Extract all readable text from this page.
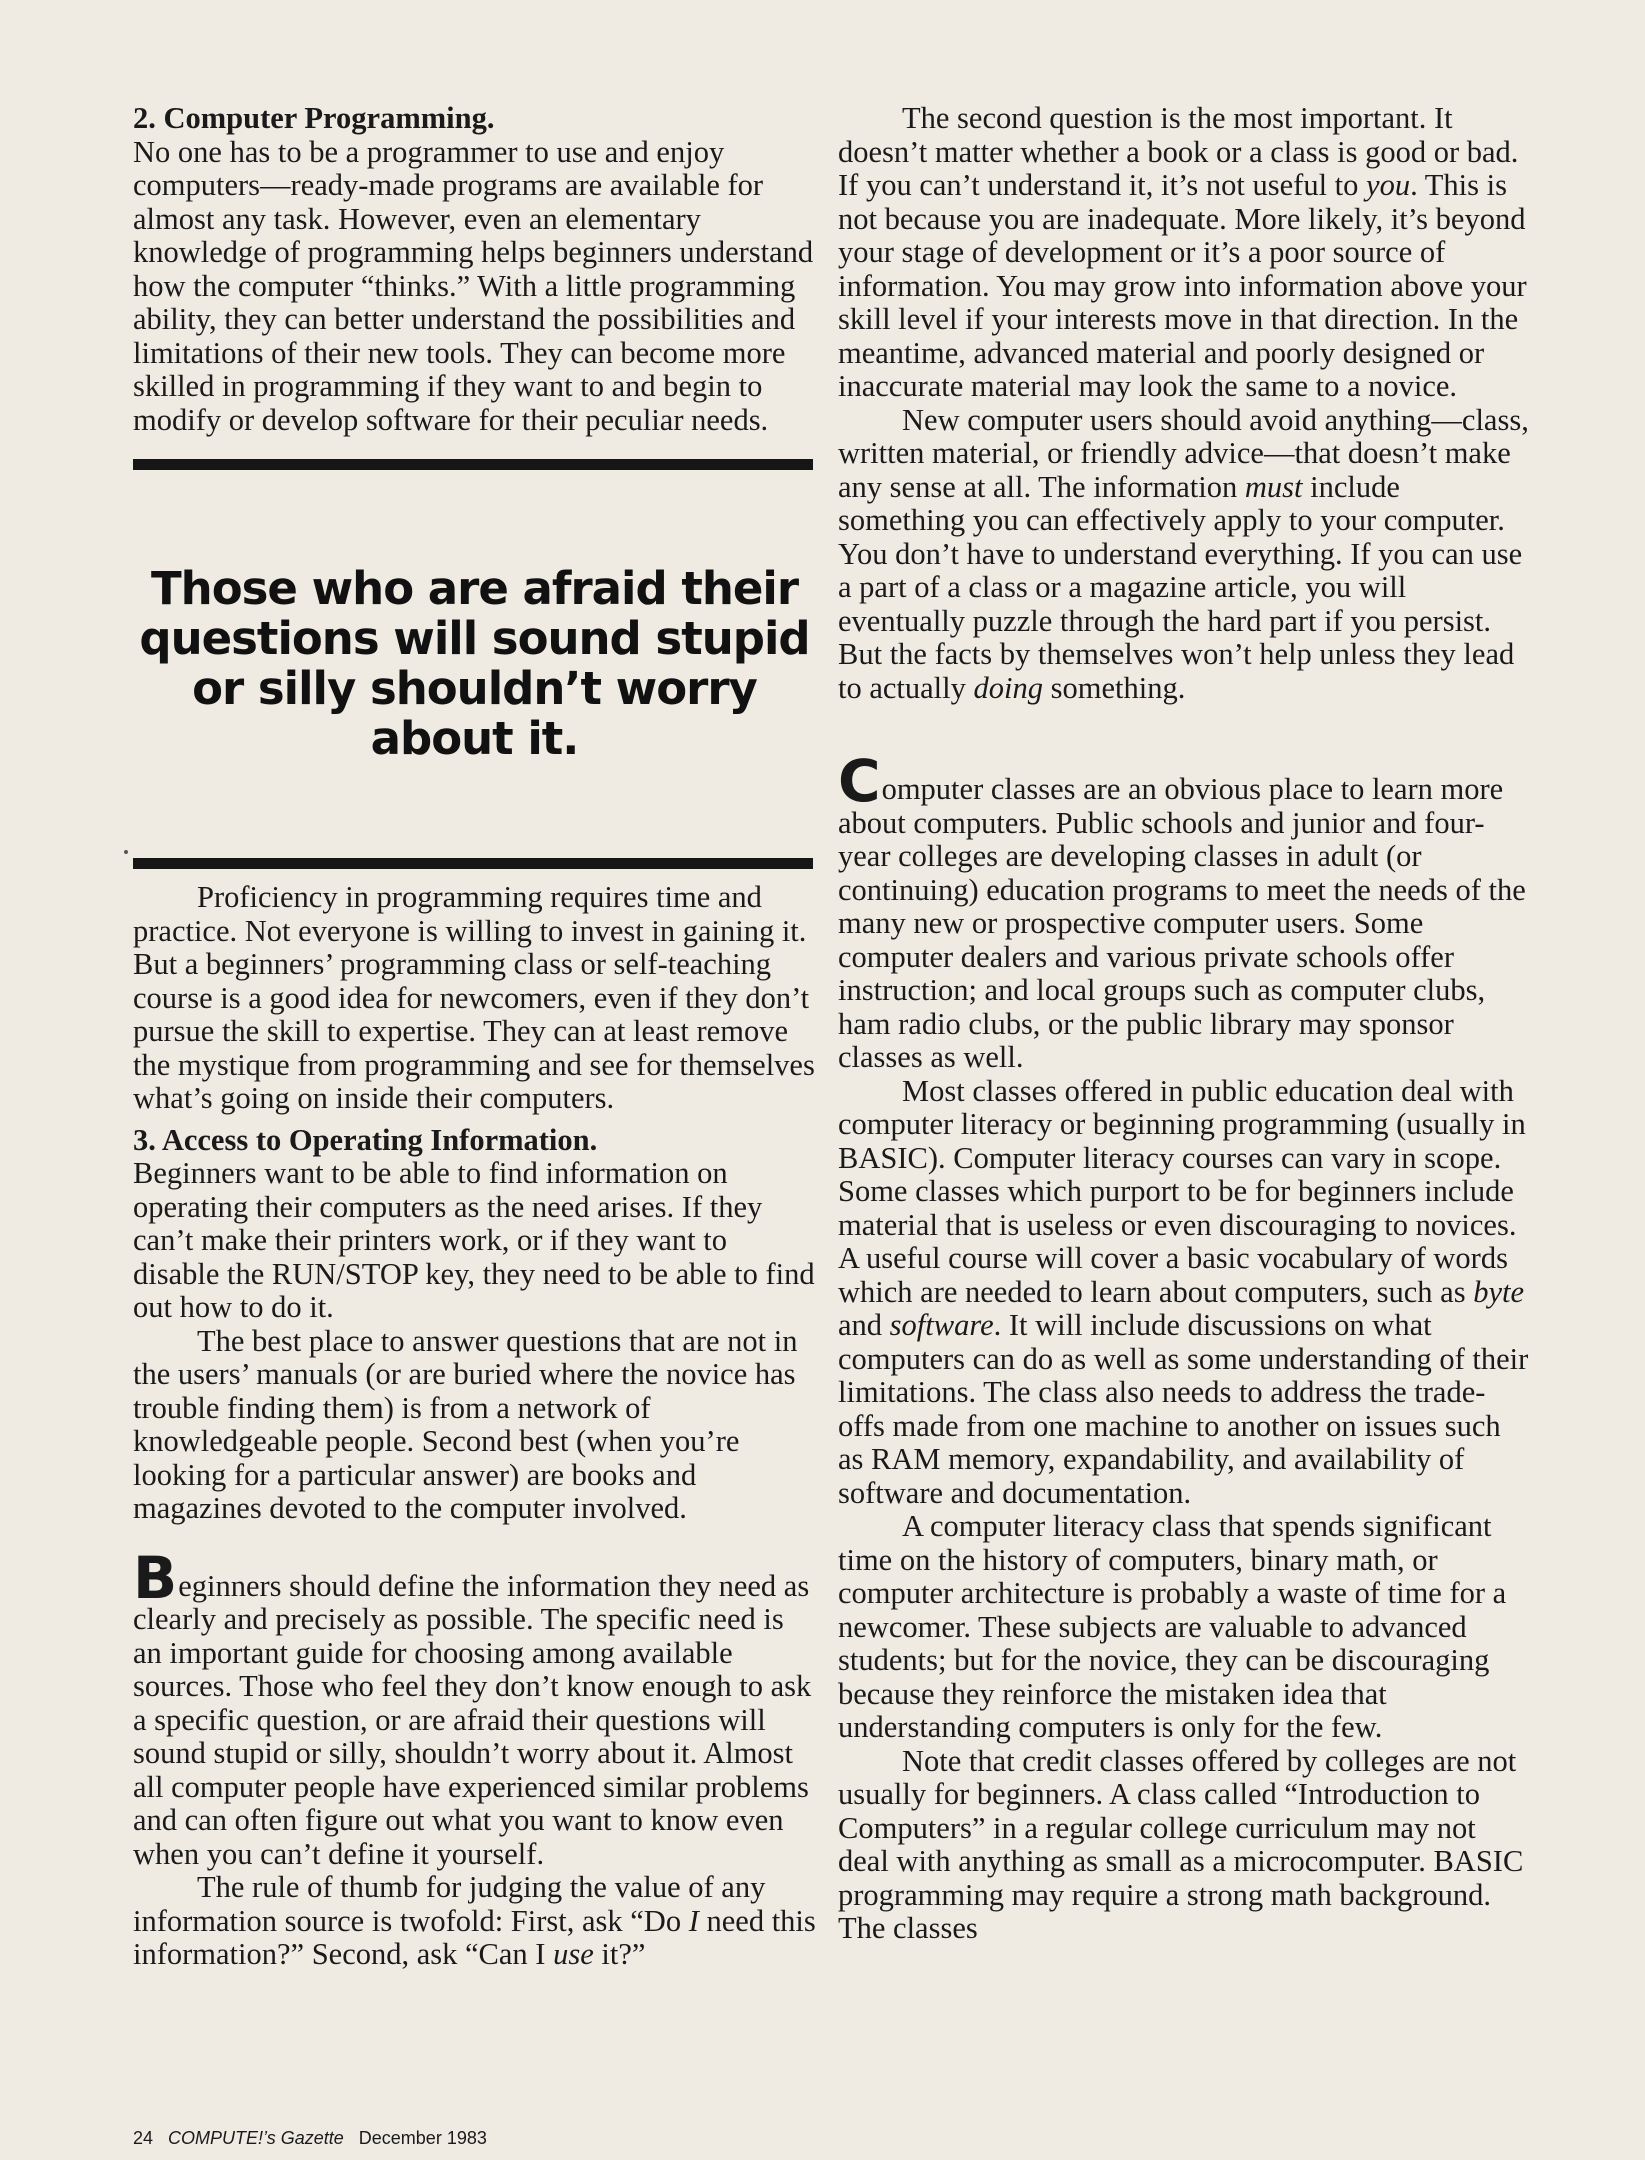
2. Computer Programming.

No one has to be a programmer to use and enjoy computers—ready-made programs are available for almost any task. However, even an elementary knowledge of programming helps beginners understand how the computer “thinks.” With a little programming ability, they can better understand the possibilities and limitations of their new tools. They can become more skilled in programming if they want to and begin to modify or develop software for their peculiar needs.

Those who are afraid their questions will sound stupid or silly shouldn’t worry about it.

Proficiency in programming requires time and practice. Not everyone is willing to invest in gaining it. But a beginners’ programming class or self-teaching course is a good idea for newcomers, even if they don’t pursue the skill to expertise. They can at least remove the mystique from programming and see for themselves what’s going on inside their computers.

3. Access to Operating Information.

Beginners want to be able to find information on operating their computers as the need arises. If they can’t make their printers work, or if they want to disable the RUN/STOP key, they need to be able to find out how to do it.

The best place to answer questions that are not in the users’ manuals (or are buried where the novice has trouble finding them) is from a network of knowledgeable people. Second best (when you’re looking for a particular answer) are books and magazines devoted to the computer involved.

Beginners should define the information they need as clearly and precisely as possible. The specific need is an important guide for choosing among available sources. Those who feel they don’t know enough to ask a specific question, or are afraid their questions will sound stupid or silly, shouldn’t worry about it. Almost all computer people have experienced similar problems and can often figure out what you want to know even when you can’t define it yourself.

The rule of thumb for judging the value of any information source is twofold: First, ask “Do I need this information?” Second, ask “Can I use it?”

The second question is the most important. It doesn’t matter whether a book or a class is good or bad. If you can’t understand it, it’s not useful to you. This is not because you are inadequate. More likely, it’s beyond your stage of development or it’s a poor source of information. You may grow into information above your skill level if your interests move in that direction. In the meantime, advanced material and poorly designed or inaccurate material may look the same to a novice.

New computer users should avoid anything—class, written material, or friendly advice—that doesn’t make any sense at all. The information must include something you can effectively apply to your computer. You don’t have to understand everything. If you can use a part of a class or a magazine article, you will eventually puzzle through the hard part if you persist. But the facts by themselves won’t help unless they lead to actually doing something.

Computer classes are an obvious place to learn more about computers. Public schools and junior and four-year colleges are developing classes in adult (or continuing) education programs to meet the needs of the many new or prospective computer users. Some computer dealers and various private schools offer instruction; and local groups such as computer clubs, ham radio clubs, or the public library may sponsor classes as well.

Most classes offered in public education deal with computer literacy or beginning programming (usually in BASIC). Computer literacy courses can vary in scope. Some classes which purport to be for beginners include material that is useless or even discouraging to novices. A useful course will cover a basic vocabulary of words which are needed to learn about computers, such as byte and software. It will include discussions on what computers can do as well as some understanding of their limitations. The class also needs to address the trade-offs made from one machine to another on issues such as RAM memory, expandability, and availability of software and documentation.

A computer literacy class that spends significant time on the history of computers, binary math, or computer architecture is probably a waste of time for a newcomer. These subjects are valuable to advanced students; but for the novice, they can be discouraging because they reinforce the mistaken idea that understanding computers is only for the few.

Note that credit classes offered by colleges are not usually for beginners. A class called “Introduction to Computers” in a regular college curriculum may not deal with anything as small as a microcomputer. BASIC programming may require a strong math background. The classes

24 COMPUTE!’s Gazette December 1983
